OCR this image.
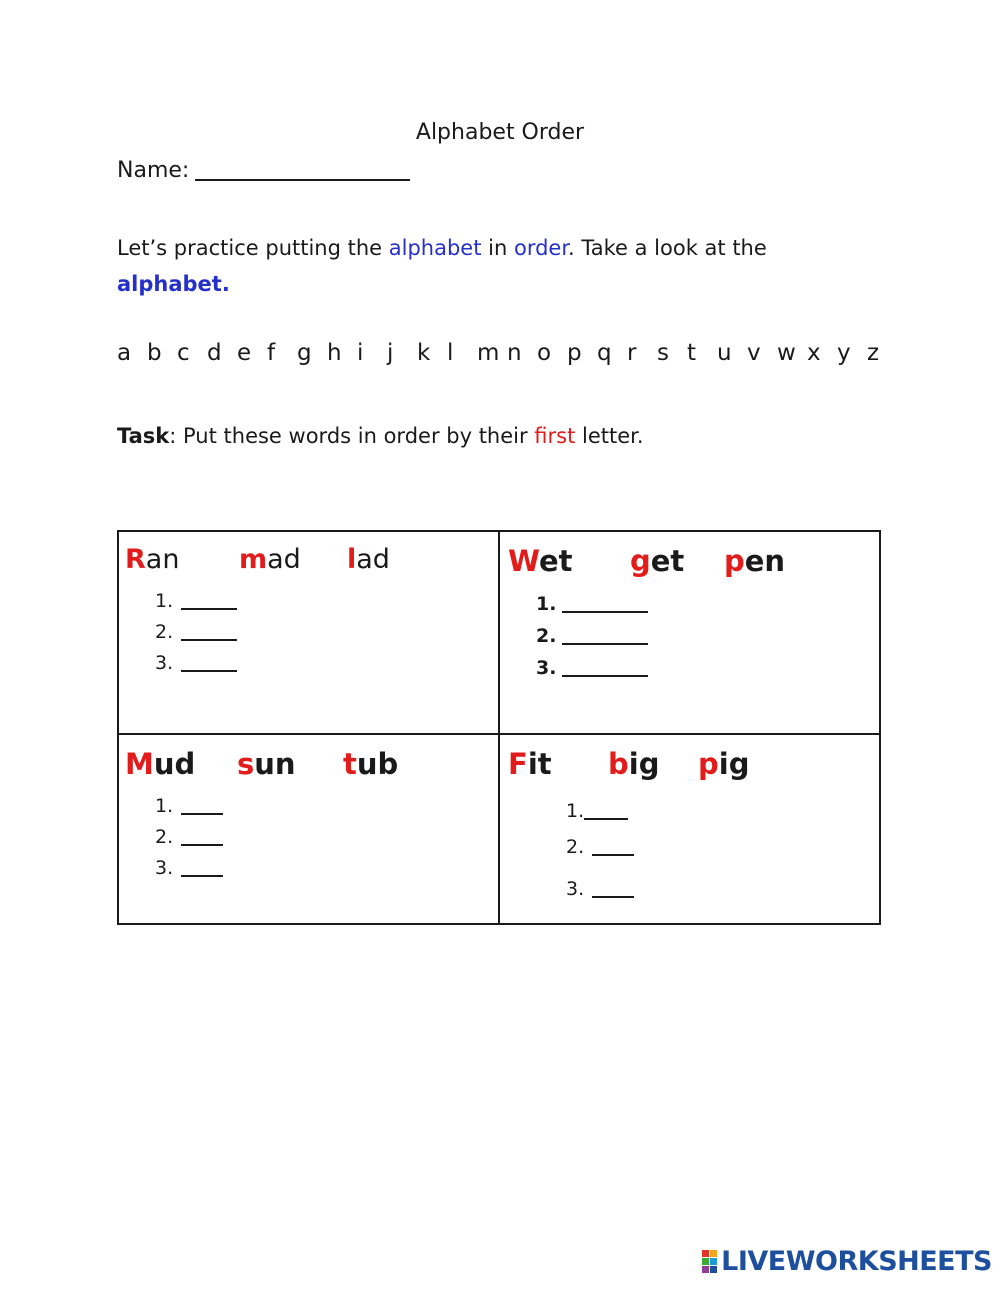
Alphabet Order
Name:
Let’s practice putting the alphabet in order. Take a look at the
alphabet.
a b c d e f g h i	j	k l	m n o p q r s t u v w x y z
Task: Put these words in order by their first letter.
Ran mad lad
1.
2.
3.
Wet get pen
1.
2.
3.
Mud sun tub
1.
2.
3.
Fit big pig
1.
2.
3.
LIVEWORKSHEETS
